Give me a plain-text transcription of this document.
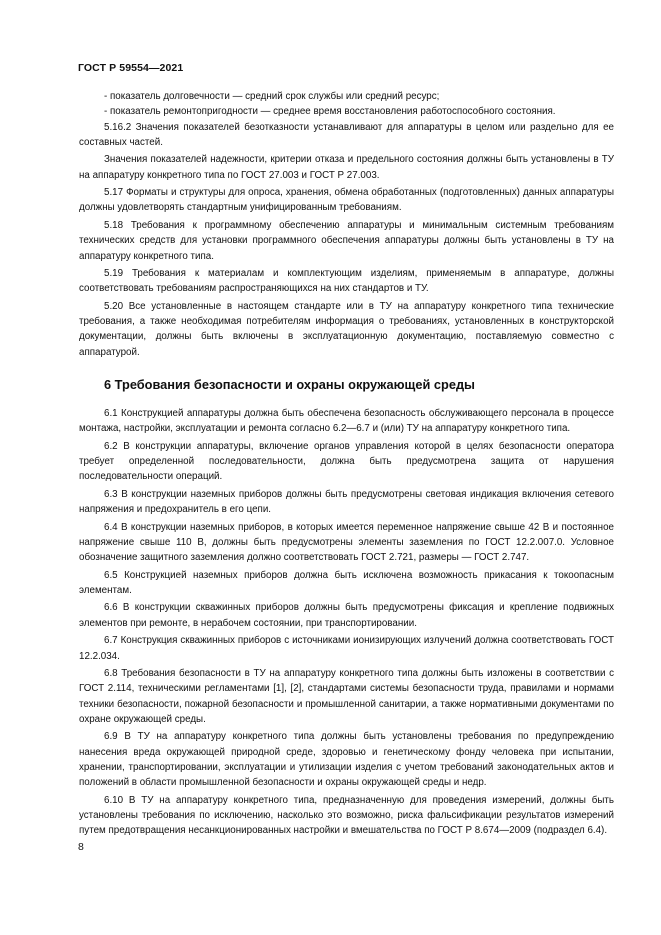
ГОСТ Р 59554—2021

- показатель долговечности — средний срок службы или средний ресурс;

- показатель ремонтопригодности — среднее время восстановления работоспособного состояния.

5.16.2 Значения показателей безотказности устанавливают для аппаратуры в целом или раздельно для ее составных частей.

Значения показателей надежности, критерии отказа и предельного состояния должны быть установлены в ТУ на аппаратуру конкретного типа по ГОСТ 27.003 и ГОСТ Р 27.003.

5.17 Форматы и структуры для опроса, хранения, обмена обработанных (подготовленных) данных аппаратуры должны удовлетворять стандартным унифицированным требованиям.

5.18 Требования к программному обеспечению аппаратуры и минимальным системным требованиям технических средств для установки программного обеспечения аппаратуры должны быть установлены в ТУ на аппаратуру конкретного типа.

5.19 Требования к материалам и комплектующим изделиям, применяемым в аппаратуре, должны соответствовать требованиям распространяющихся на них стандартов и ТУ.

5.20 Все установленные в настоящем стандарте или в ТУ на аппаратуру конкретного типа технические требования, а также необходимая потребителям информация о требованиях, установленных в конструкторской документации, должны быть включены в эксплуатационную документацию, поставляемую совместно с аппаратурой.

6 Требования безопасности и охраны окружающей среды

6.1 Конструкцией аппаратуры должна быть обеспечена безопасность обслуживающего персонала в процессе монтажа, настройки, эксплуатации и ремонта согласно 6.2—6.7 и (или) ТУ на аппаратуру конкретного типа.

6.2 В конструкции аппаратуры, включение органов управления которой в целях безопасности оператора требует определенной последовательности, должна быть предусмотрена защита от нарушения последовательности операций.

6.3 В конструкции наземных приборов должны быть предусмотрены световая индикация включения сетевого напряжения и предохранитель в его цепи.

6.4 В конструкции наземных приборов, в которых имеется переменное напряжение свыше 42 В и постоянное напряжение свыше 110 В, должны быть предусмотрены элементы заземления по ГОСТ 12.2.007.0. Условное обозначение защитного заземления должно соответствовать ГОСТ 2.721, размеры — ГОСТ 2.747.

6.5 Конструкцией наземных приборов должна быть исключена возможность прикасания к токоопасным элементам.

6.6 В конструкции скважинных приборов должны быть предусмотрены фиксация и крепление подвижных элементов при ремонте, в нерабочем состоянии, при транспортировании.

6.7 Конструкция скважинных приборов с источниками ионизирующих излучений должна соответствовать ГОСТ 12.2.034.

6.8 Требования безопасности в ТУ на аппаратуру конкретного типа должны быть изложены в соответствии с ГОСТ 2.114, техническими регламентами [1], [2], стандартами системы безопасности труда, правилами и нормами техники безопасности, пожарной безопасности и промышленной санитарии, а также нормативными документами по охране окружающей среды.

6.9 В ТУ на аппаратуру конкретного типа должны быть установлены требования по предупреждению нанесения вреда окружающей природной среде, здоровью и генетическому фонду человека при испытании, хранении, транспортировании, эксплуатации и утилизации изделия с учетом требований законодательных актов и положений в области промышленной безопасности и охраны окружающей среды и недр.

6.10 В ТУ на аппаратуру конкретного типа, предназначенную для проведения измерений, должны быть установлены требования по исключению, насколько это возможно, риска фальсификации результатов измерений путем предотвращения несанкционированных настройки и вмешательства по ГОСТ Р 8.674—2009 (подраздел 6.4).

8
